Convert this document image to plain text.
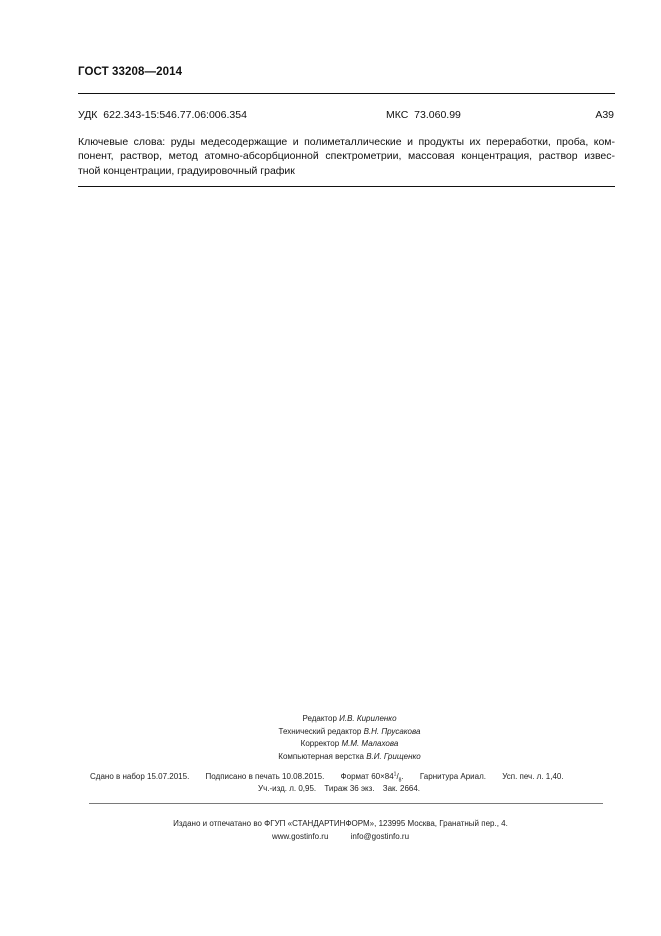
ГОСТ 33208—2014
УДК 622.343-15:546.77.06:006.354	МКС 73.060.99	А39
Ключевые слова: руды медесодержащие и полиметаллические и продукты их переработки, проба, ком-
понент, раствор, метод атомно-абсорбционной спектрометрии, массовая концентрация, раствор извес-
тной концентрации, градуировочный график
Редактор И.В. Кириленко
Технический редактор В.Н. Прусакова
Корректор М.М. Малахова
Компьютерная верстка В.И. Грищенко
Сдано в набор 15.07.2015. Подписано в печать 10.08.2015. Формат $60\times 84^1/_8$. Гарнитура Ариал. Усп. печ. л. 1,40.
Уч.-изд. л. 0,95. Тираж 36 экз. Зак. 2664.
Издано и отпечатано во ФГУП «СТАНДАРТИНФОРМ», 123995 Москва, Гранатный пер., 4.
www.gostinfo.ru	info@gostinfo.ru
